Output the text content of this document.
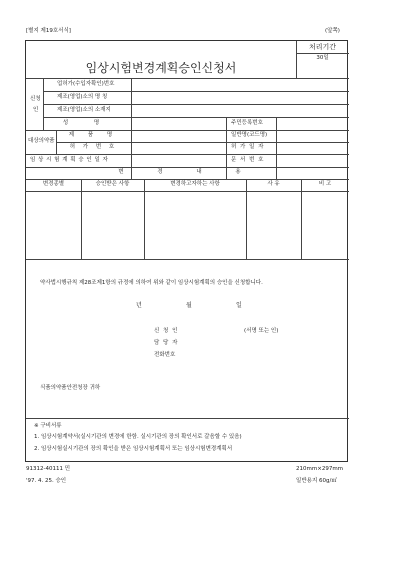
[별지 제19호서식]	(앞쪽)
임상시험변경계획승인신청서
처리기간
30일
신청
인
업허가(수입자확인)번호
제조(영업)소의 명 칭
제조(영업)소의 소재지
성 명	주민등록번호
대상의약품
제 품 명	일반명(코드명)
허 가 번 호	허 가 일 자
임 상 시 험 계 획 승 인 일 자	문 서 번 호
변 경 내 용
변경종별	승인받은 사항	변경하고자하는 사항	사 유	비 고
약사법시행규칙 제28조제1항의 규정에 의하여 위와 같이 임상시험계획의 승인을 신청합니다.
년	월	일
신 청 인	(서명 또는 인)
담 당 자
전화번호
식품의약품안전청장 귀하
※ 구비서류
1. 임상시험계약서(실시기관의 변경에 한함. 실시기관의 장의 확인서로 갈음할 수 있음)
2. 임상시험실시기관의 장의 확인을 받은 임상시험계획서 또는 임상시험변경계획서
91312-40111 민
'97. 4. 25. 승인
210mm×297mm
일반용지 60g/㎡
